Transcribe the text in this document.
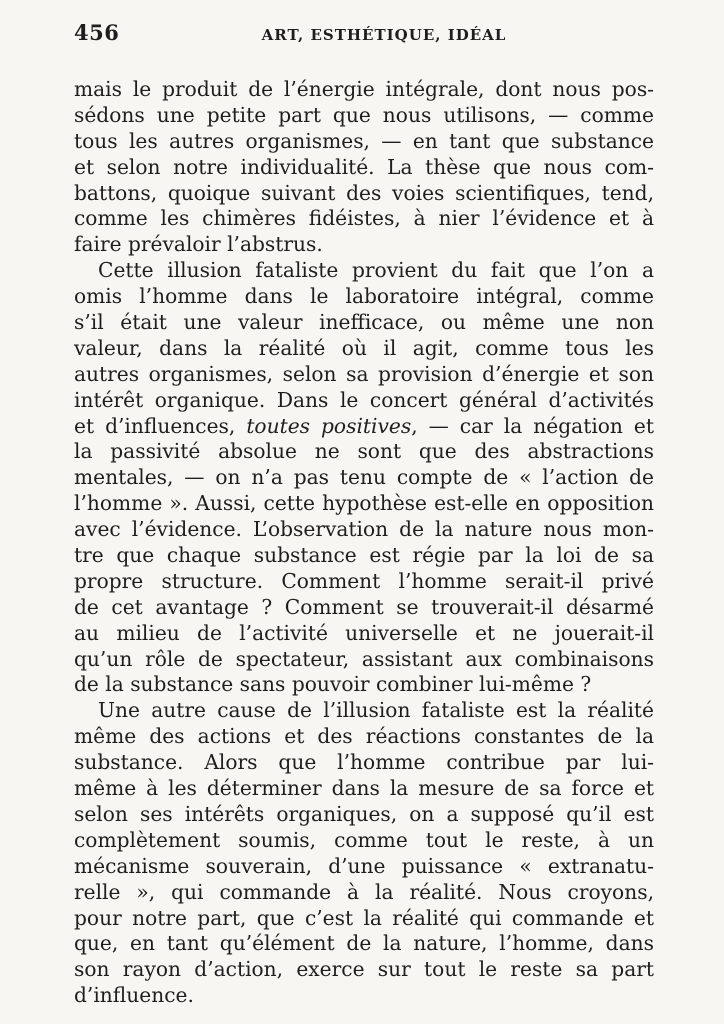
456	ART, ESTHÉTIQUE, IDÉAL
mais le produit de l’énergie intégrale, dont nous pos-
sédons une petite part que nous utilisons, — comme
tous les autres organismes, — en tant que substance
et selon notre individualité. La thèse que nous com-
battons, quoique suivant des voies scientifiques, tend,
comme les chimères fidéistes, à nier l’évidence et à
faire prévaloir l’abstrus.
Cette illusion fataliste provient du fait que l’on a
omis l’homme dans le laboratoire intégral, comme
s’il était une valeur inefficace, ou même une non
valeur, dans la réalité où il agit, comme tous les
autres organismes, selon sa provision d’énergie et son
intérêt organique. Dans le concert général d’activités
et d’influences, toutes positives, — car la négation et
la passivité absolue ne sont que des abstractions
mentales, — on n’a pas tenu compte de « l’action de
l’homme ». Aussi, cette hypothèse est-elle en opposition
avec l’évidence. L’observation de la nature nous mon-
tre que chaque substance est régie par la loi de sa
propre structure. Comment l’homme serait-il privé
de cet avantage ? Comment se trouverait-il désarmé
au milieu de l’activité universelle et ne jouerait-il
qu’un rôle de spectateur, assistant aux combinaisons
de la substance sans pouvoir combiner lui-même ?
Une autre cause de l’illusion fataliste est la réalité
même des actions et des réactions constantes de la
substance. Alors que l’homme contribue par lui-
même à les déterminer dans la mesure de sa force et
selon ses intérêts organiques, on a supposé qu’il est
complètement soumis, comme tout le reste, à un
mécanisme souverain, d’une puissance « extranatu-
relle », qui commande à la réalité. Nous croyons,
pour notre part, que c’est la réalité qui commande et
que, en tant qu’élément de la nature, l’homme, dans
son rayon d’action, exerce sur tout le reste sa part
d’influence.
